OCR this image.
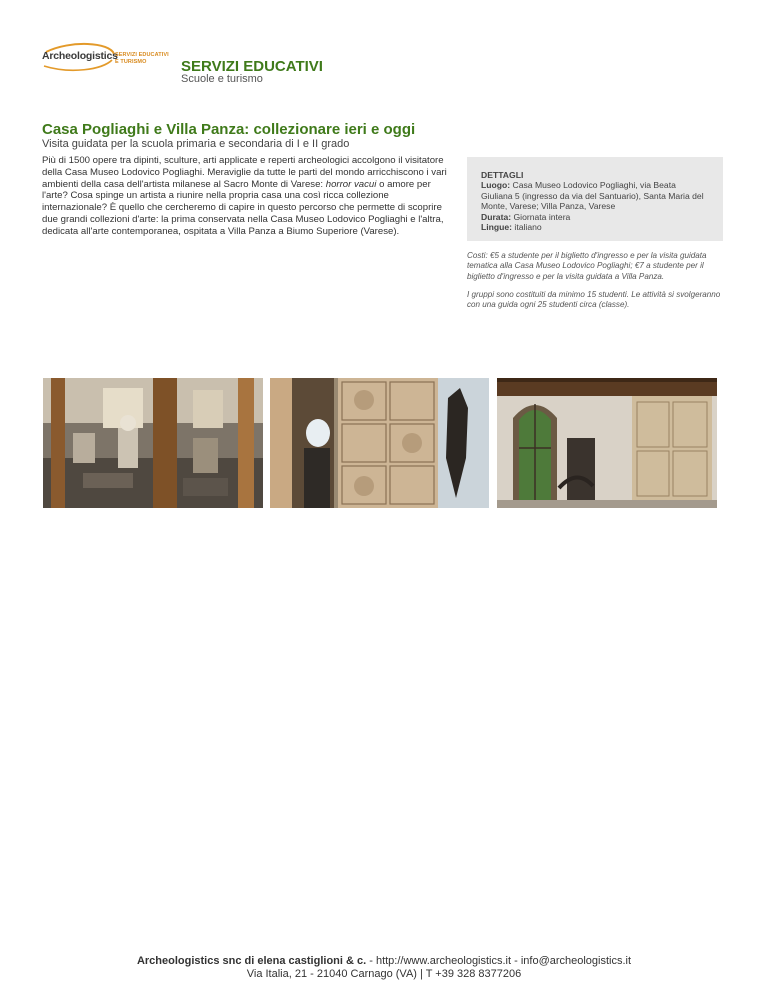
Archeologistics
SERVIZI EDUCATIVI
E TURISMO	SERVIZI EDUCATIVI
Scuole e turismo
Casa Pogliaghi e Villa Panza: collezionare ieri e oggi
Visita guidata per la scuola primaria e secondaria di I e II grado
Più di 1500 opere tra dipinti, sculture, arti applicate e reperti archeologici accolgono il visitatore della Casa Museo Lodovico Pogliaghi. Meraviglie da tutte le parti del mondo arricchiscono i vari ambienti della casa dell'artista milanese al Sacro Monte di Varese: horror vacui o amore per l'arte? Cosa spinge un artista a riunire nella propria casa una così ricca collezione internazionale? È quello che cercheremo di capire in questo percorso che permette di scoprire due grandi collezioni d'arte: la prima conservata nella Casa Museo Lodovico Pogliaghi e l'altra, dedicata all'arte contemporanea, ospitata a Villa Panza a Biumo Superiore (Varese).
DETTAGLI
Luogo: Casa Museo Lodovico Pogliaghi, via Beata Giuliana 5 (ingresso da via del Santuario), Santa Maria del Monte, Varese; Villa Panza, Varese
Durata: Giornata intera
Lingue: italiano

Costi: €5 a studente per il biglietto d'ingresso e per la visita guidata tematica alla Casa Museo Lodovico Pogliaghi; €7 a studente per il biglietto d'ingresso e per la visita guidata a Villa Panza.

I gruppi sono costituiti da minimo 15 studenti. Le attività si svolgeranno con una guida ogni 25 studenti circa (classe).

Archeologistics snc di elena castiglioni & c. - http://www.archeologistics.it - info@archeologistics.it
Via Italia, 21 - 21040 Carnago (VA) | T +39 328 8377206
